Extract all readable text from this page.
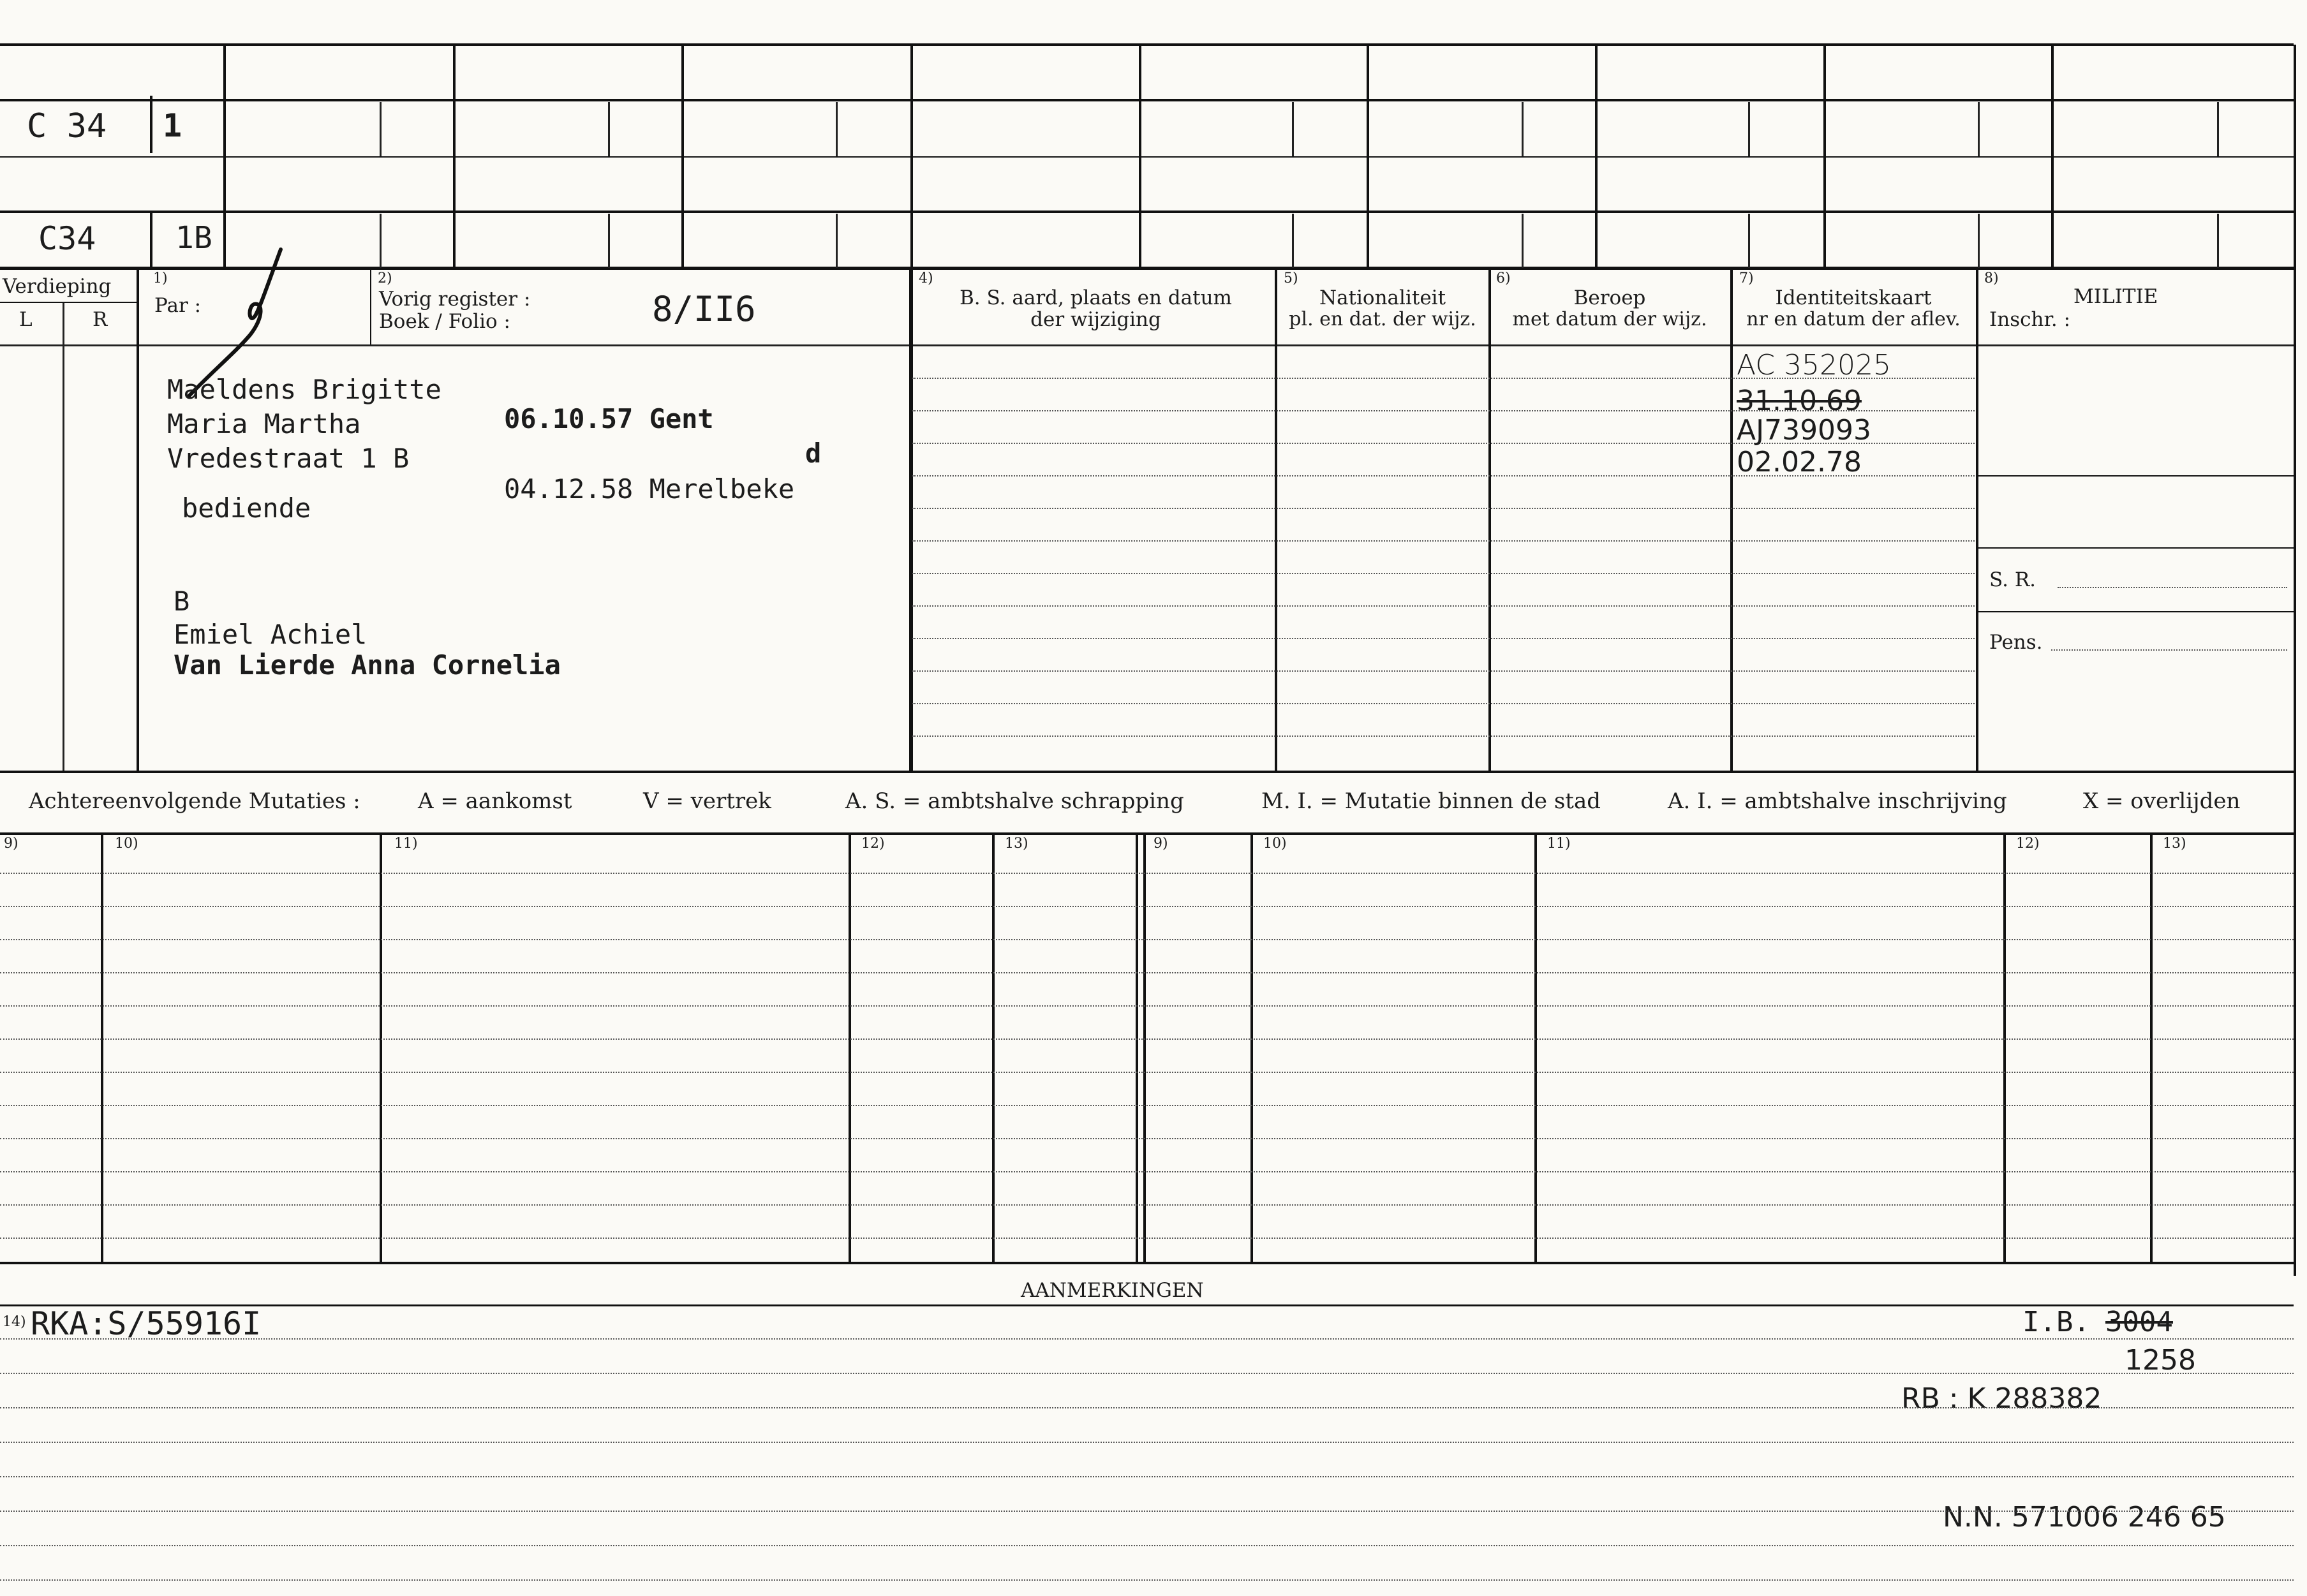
C 34 1
C34	1B
Verdieping
L	R
1)
Par :
2)
Vorig register :
Boek / Folio :	8/II6
4)
B. S. aard, plaats en datum
der wijziging
5)
Nationaliteit
pl. en dat. der wijz.
6)
Beroep
met datum der wijz.
7)
Identiteitskaart
nr en datum der aflev.
8)
MILITIE
Inschr. :
Maeldens Brigitte
Maria Martha	06.10.57 Gent
Vredestraat 1 B	d
bediende
04.12.58 Merelbeke
B
Emiel Achiel
Van Lierde Anna Cornelia
AC 352025
31.10.69
AJ739093
02.02.78
S. R.
Pens.
Achtereenvolgende Mutaties :	A = aankomst	V = vertrek	A. S. = ambtshalve schrapping	M. I. = Mutatie binnen de stad	A. I. = ambtshalve inschrijving	X = overlijden
9)	10)	11)	12)	13)	9)	10)	11)	12)	13)
AANMERKINGEN
14) RKA:S/55916I	I.B. 3004
1258
RB : K 288382
N.N. 571006 246 65
